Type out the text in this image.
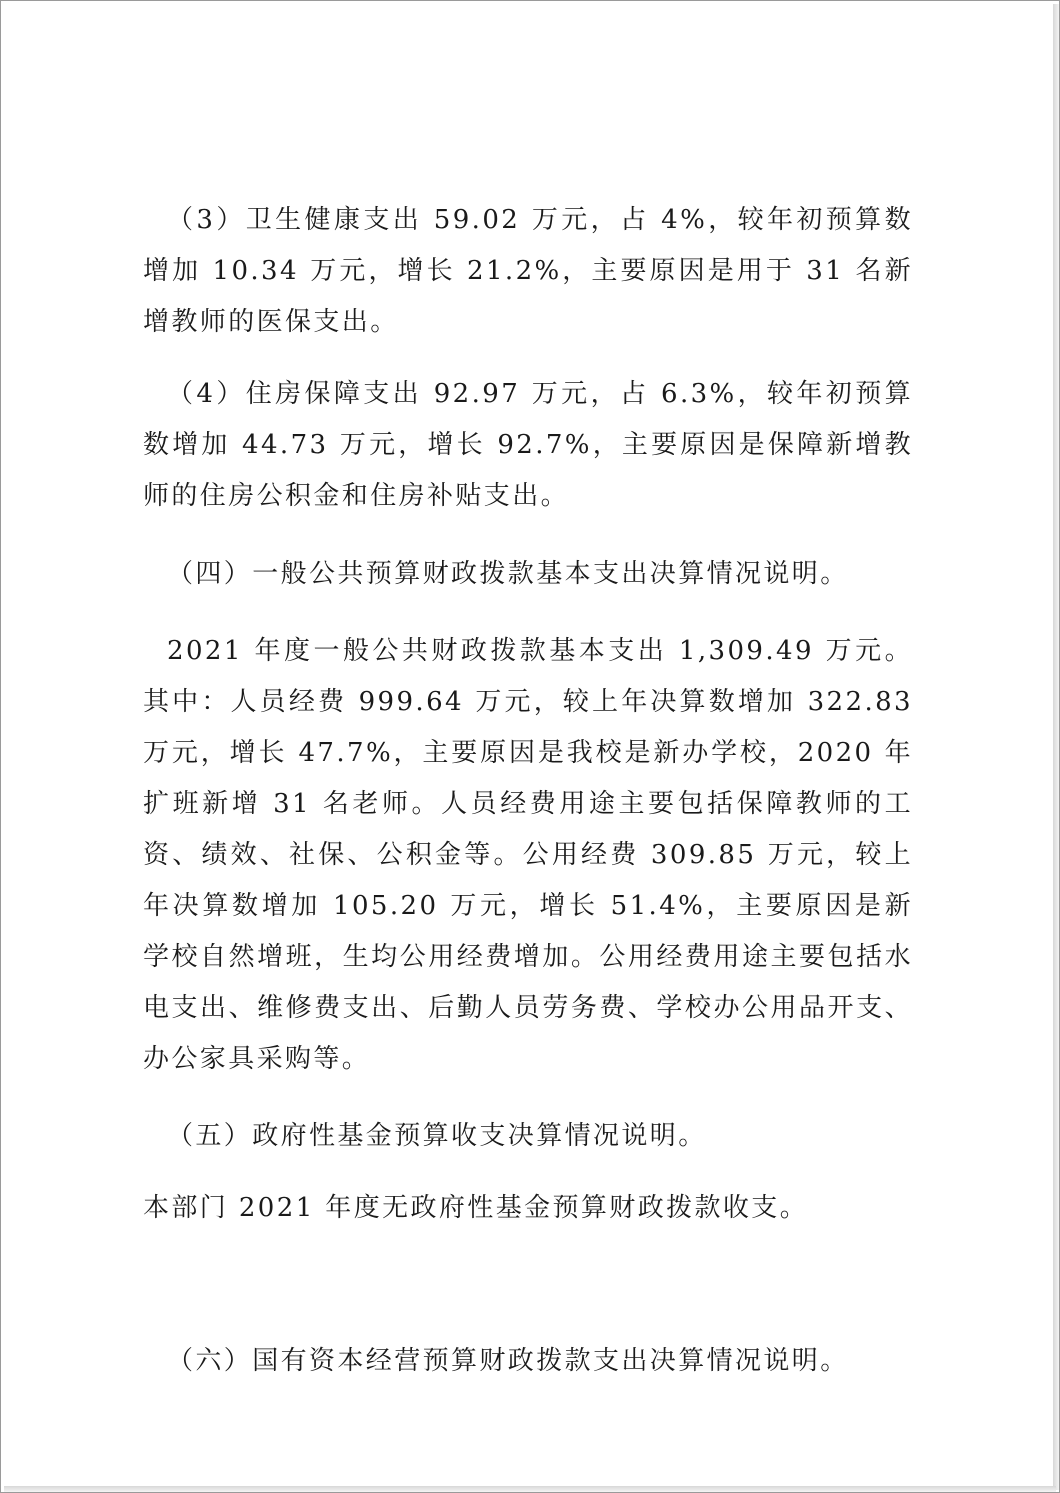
（3）卫生健康支出 59.02 万元，占 4%，较年初预算数增加 10.34 万元，增长 21.2%，主要原因是用于 31 名新增教师的医保支出。

（4）住房保障支出 92.97 万元，占 6.3%，较年初预算数增加 44.73 万元，增长 92.7%，主要原因是保障新增教师的住房公积金和住房补贴支出。

（四）一般公共预算财政拨款基本支出决算情况说明。

2021 年度一般公共财政拨款基本支出 1,309.49 万元。其中：人员经费 999.64 万元，较上年决算数增加 322.83 万元，增长 47.7%，主要原因是我校是新办学校，2020 年扩班新增 31 名老师。人员经费用途主要包括保障教师的工资、绩效、社保、公积金等。公用经费 309.85 万元，较上年决算数增加 105.20 万元，增长 51.4%，主要原因是新学校自然增班，生均公用经费增加。公用经费用途主要包括水电支出、维修费支出、后勤人员劳务费、学校办公用品开支、办公家具采购等。

（五）政府性基金预算收支决算情况说明。

本部门 2021 年度无政府性基金预算财政拨款收支。

（六）国有资本经营预算财政拨款支出决算情况说明。
